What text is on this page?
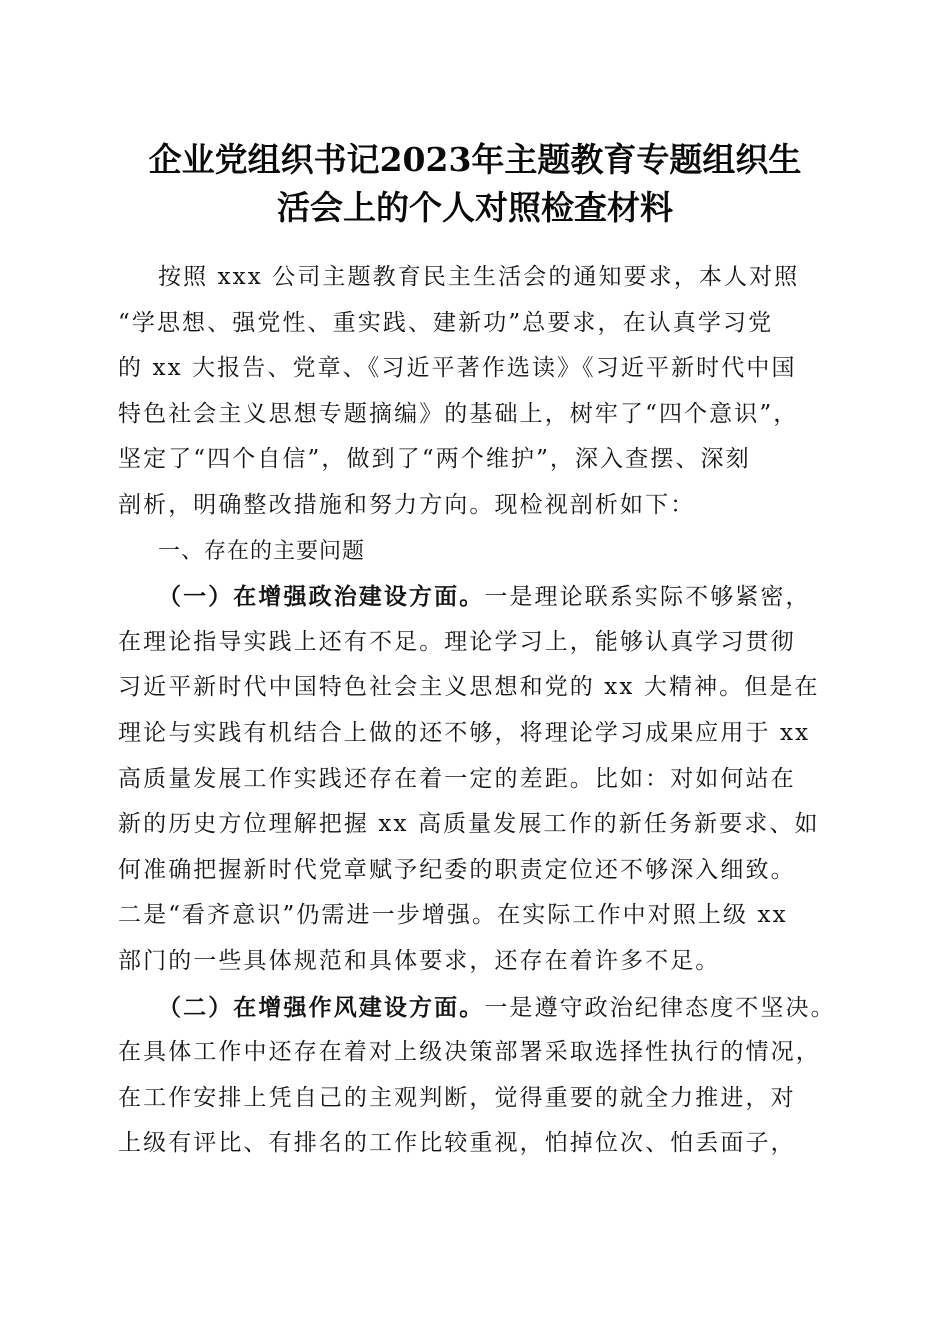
企业党组织书记2023年主题教育专题组织生
活会上的个人对照检查材料
按照 xxx 公司主题教育民主生活会的通知要求，本人对照
“学思想、强党性、重实践、建新功”总要求，在认真学习党
的 xx 大报告、党章、《习近平著作选读》《习近平新时代中国
特色社会主义思想专题摘编》的基础上，树牢了“四个意识”，
坚定了“四个自信”，做到了“两个维护”，深入查摆、深刻
剖析，明确整改措施和努力方向。现检视剖析如下：
一、存在的主要问题
（一）在增强政治建设方面。一是理论联系实际不够紧密，
在理论指导实践上还有不足。理论学习上，能够认真学习贯彻
习近平新时代中国特色社会主义思想和党的 xx 大精神。但是在
理论与实践有机结合上做的还不够，将理论学习成果应用于 xx
高质量发展工作实践还存在着一定的差距。比如：对如何站在
新的历史方位理解把握 xx 高质量发展工作的新任务新要求、如
何准确把握新时代党章赋予纪委的职责定位还不够深入细致。
二是“看齐意识”仍需进一步增强。在实际工作中对照上级 xx
部门的一些具体规范和具体要求，还存在着许多不足。
（二）在增强作风建设方面。一是遵守政治纪律态度不坚决。
在具体工作中还存在着对上级决策部署采取选择性执行的情况，
在工作安排上凭自己的主观判断，觉得重要的就全力推进，对
上级有评比、有排名的工作比较重视，怕掉位次、怕丢面子，
